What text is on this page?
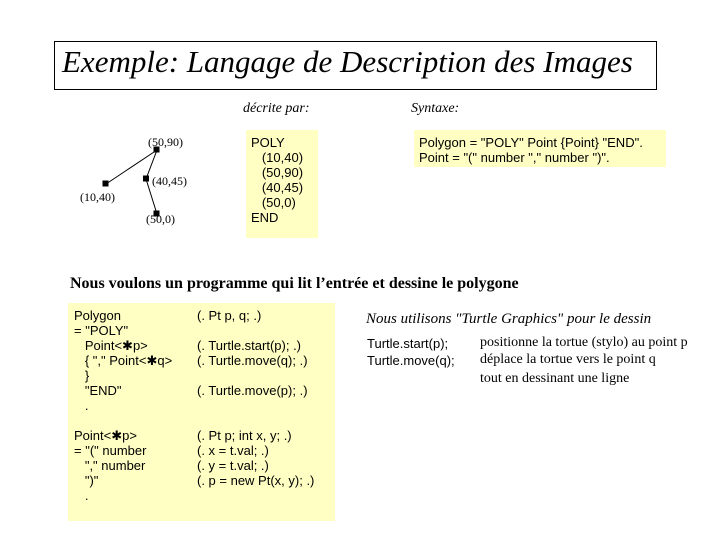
Exemple: Langage de Description des Images
décrite par:	Syntaxe:
(50,90)
(40,45)
(10,40)
(50,0)
POLY
(10,40)
(50,90)
(40,45)
(50,0)
END
Polygon = "POLY" Point {Point} "END".
Point = "(" number "," number ")".
Nous voulons un programme qui lit l’entrée et dessine le polygone
Polygon
= "POLY"
Point<✱p>
{ "," Point<✱q>
}
"END"
.

Point<✱p>
= "(" number
"," number
")"
.
(. Pt p, q; .)

(. Turtle.start(p); .)
(. Turtle.move(q); .)

(. Turtle.move(p); .)

(. Pt p; int x, y; .)
(. x = t.val; .)
(. y = t.val; .)
(. p = new Pt(x, y); .)
Nous utilisons "Turtle Graphics" pour le dessin
Turtle.start(p); positionne la tortue (stylo) au point p
Turtle.move(q); déplace la tortue vers le point q
tout en dessinant une ligne
